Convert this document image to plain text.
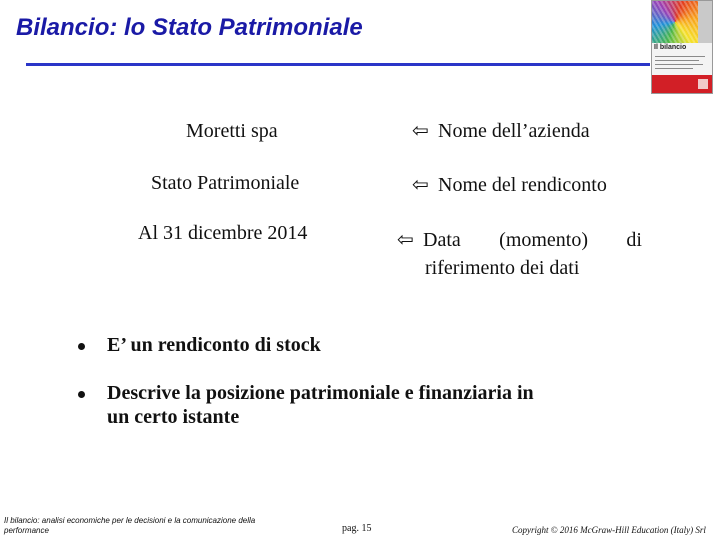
Bilancio: lo Stato Patrimoniale
Il bilancio
Moretti spa	⇦ Nome dell’azienda
Stato Patrimoniale	⇦ Nome del rendiconto
Al 31 dicembre 2014	⇦ Data (momento) di
riferimento dei dati
E’ un rendiconto di stock
Descrive la posizione patrimoniale e finanziaria in
un certo istante
Il bilancio: analisi economiche per le decisioni e la comunicazione della
performance	pag. 15	Copyright © 2016 McGraw-Hill Education (Italy) Srl
